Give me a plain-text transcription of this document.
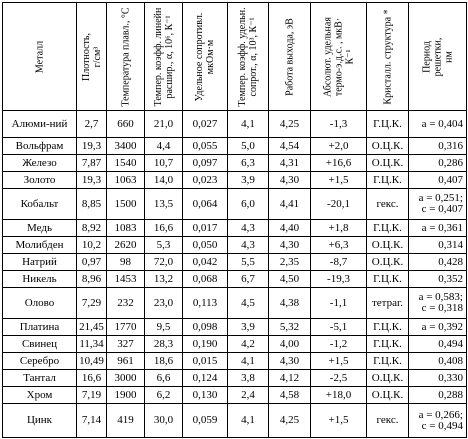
Металл	Плотность, г/см³	Температура плавл., °С	Темпер. коэфф. линейн расшир., α, 10⁶, К⁻¹	Удельное сопротивл. мкОм·м	Темпер. коэфф. удельн. сопрот., α, 10³, К⁻¹	Работа выхода, эВ	Абсолют. удельная термо-э.д.с. , мкВ· К⁻¹	Кристалл. структура *	Период решетки, нм

Алюми-ний	2,7	660	21,0	0,027	4,1	4,25	-1,3	Г.Ц.К.	a = 0,404
Вольфрам	19,3	3400	4,4	0,055	5,0	4,54	+2,0	О.Ц.К.	0,316
Железо	7,87	1540	10,7	0,097	6,3	4,31	+16,6	О.Ц.К.	0,286
Золото	19,3	1063	14,0	0,023	3,9	4,30	+1,5	Г.Ц.К.	0,407
Кобальт	8,85	1500	13,5	0,064	6,0	4,41	-20,1	гекс.	a = 0,251;
c = 0,407
Медь	8,92	1083	16,6	0,017	4,3	4,40	+1,8	Г.Ц.К.	a = 0,361
Молибден	10,2	2620	5,3	0,050	4,3	4,30	+6,3	О.Ц.К.	0,314
Натрий	0,97	98	72,0	0,042	5,5	2,35	-8,7	О.Ц.К.	0,428
Никель	8,96	1453	13,2	0,068	6,7	4,50	-19,3	Г.Ц.К.	0,352
Олово	7,29	232	23,0	0,113	4,5	4,38	-1,1	тетраг.	a = 0,583;
c = 0,318
Платина	21,45	1770	9,5	0,098	3,9	5,32	-5,1	Г.Ц.К.	a = 0,392
Свинец	11,34	327	28,3	0,190	4,2	4,00	-1,2	Г.Ц.К.	0,494
Серебро	10,49	961	18,6	0,015	4,1	4,30	+1,5	Г.Ц.К.	0,408
Тантал	16,6	3000	6,6	0,124	3,8	4,12	-2,5	О.Ц.К.	0,330
Хром	7,19	1900	6,2	0,130	2,4	4,58	+18,0	О.Ц.К.	0,288
Цинк	7,14	419	30,0	0,059	4,1	4,25	+1,5	гекс.	a = 0,266;
c = 0,494
